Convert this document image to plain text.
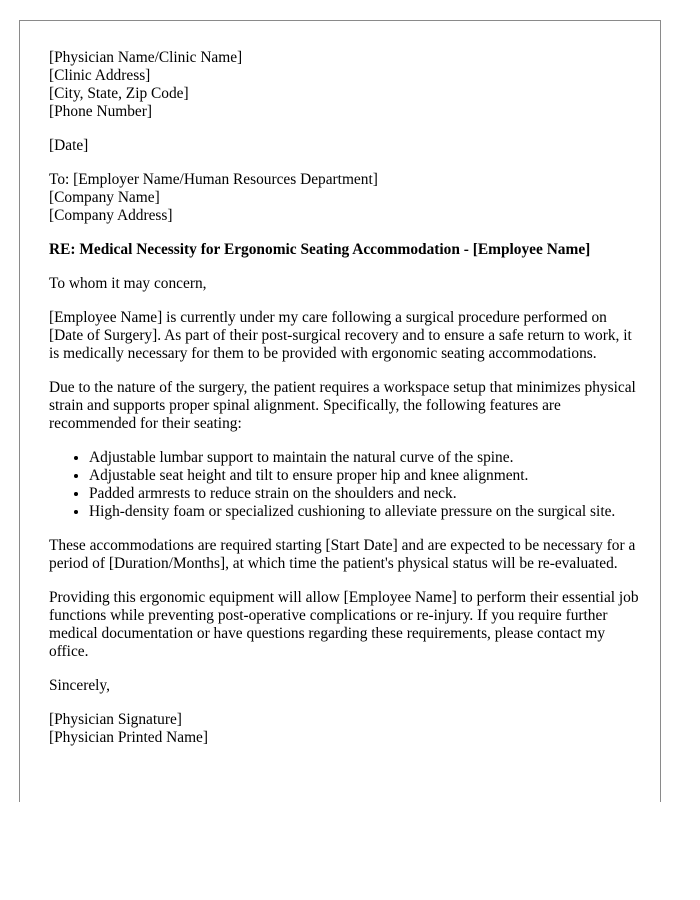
[Physician Name/Clinic Name]
[Clinic Address]
[City, State, Zip Code]
[Phone Number]
[Date]
To: [Employer Name/Human Resources Department]
[Company Name]
[Company Address]
RE: Medical Necessity for Ergonomic Seating Accommodation - [Employee Name]

To whom it may concern,

[Employee Name] is currently under my care following a surgical procedure performed on [Date of Surgery]. As part of their post-surgical recovery and to ensure a safe return to work, it is medically necessary for them to be provided with ergonomic seating accommodations.

Due to the nature of the surgery, the patient requires a workspace setup that minimizes physical strain and supports proper spinal alignment. Specifically, the following features are recommended for their seating:

• Adjustable lumbar support to maintain the natural curve of the spine.
• Adjustable seat height and tilt to ensure proper hip and knee alignment.
• Padded armrests to reduce strain on the shoulders and neck.
• High-density foam or specialized cushioning to alleviate pressure on the surgical site.

These accommodations are required starting [Start Date] and are expected to be necessary for a period of [Duration/Months], at which time the patient's physical status will be re-evaluated.

Providing this ergonomic equipment will allow [Employee Name] to perform their essential job functions while preventing post-operative complications or re-injury. If you require further medical documentation or have questions regarding these requirements, please contact my office.

Sincerely,

[Physician Signature]
[Physician Printed Name]
